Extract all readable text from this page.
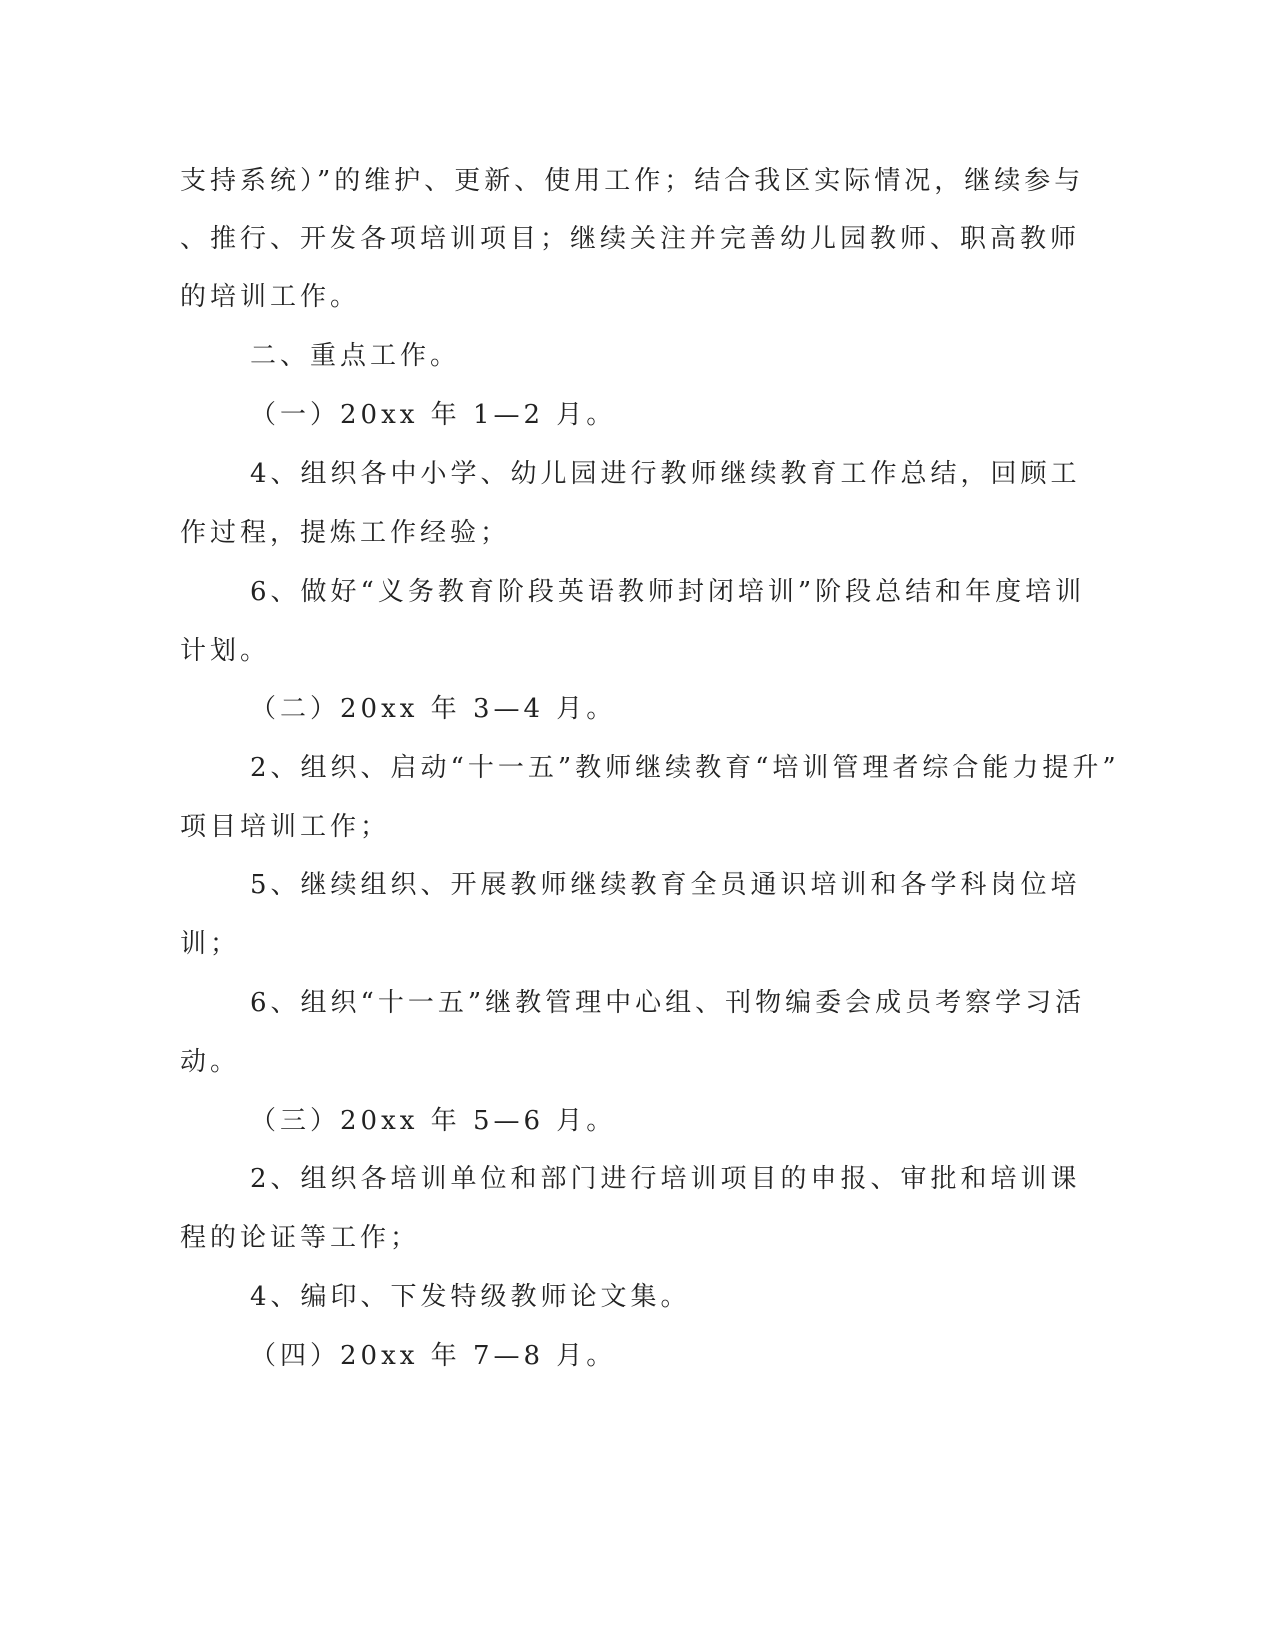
支持系统）”的维护、更新、使用工作；结合我区实际情况，继续参与
、推行、开发各项培训项目；继续关注并完善幼儿园教师、职高教师
的培训工作。
二、重点工作。
（一）20xx 年 1—2 月。
4、组织各中小学、幼儿园进行教师继续教育工作总结，回顾工
作过程，提炼工作经验；
6、做好“义务教育阶段英语教师封闭培训”阶段总结和年度培训
计划。
（二）20xx 年 3—4 月。
2、组织、启动“十一五”教师继续教育“培训管理者综合能力提升”
项目培训工作；
5、继续组织、开展教师继续教育全员通识培训和各学科岗位培
训；
6、组织“十一五”继教管理中心组、刊物编委会成员考察学习活
动。
（三）20xx 年 5—6 月。
2、组织各培训单位和部门进行培训项目的申报、审批和培训课
程的论证等工作；
4、编印、下发特级教师论文集。
（四）20xx 年 7—8 月。
